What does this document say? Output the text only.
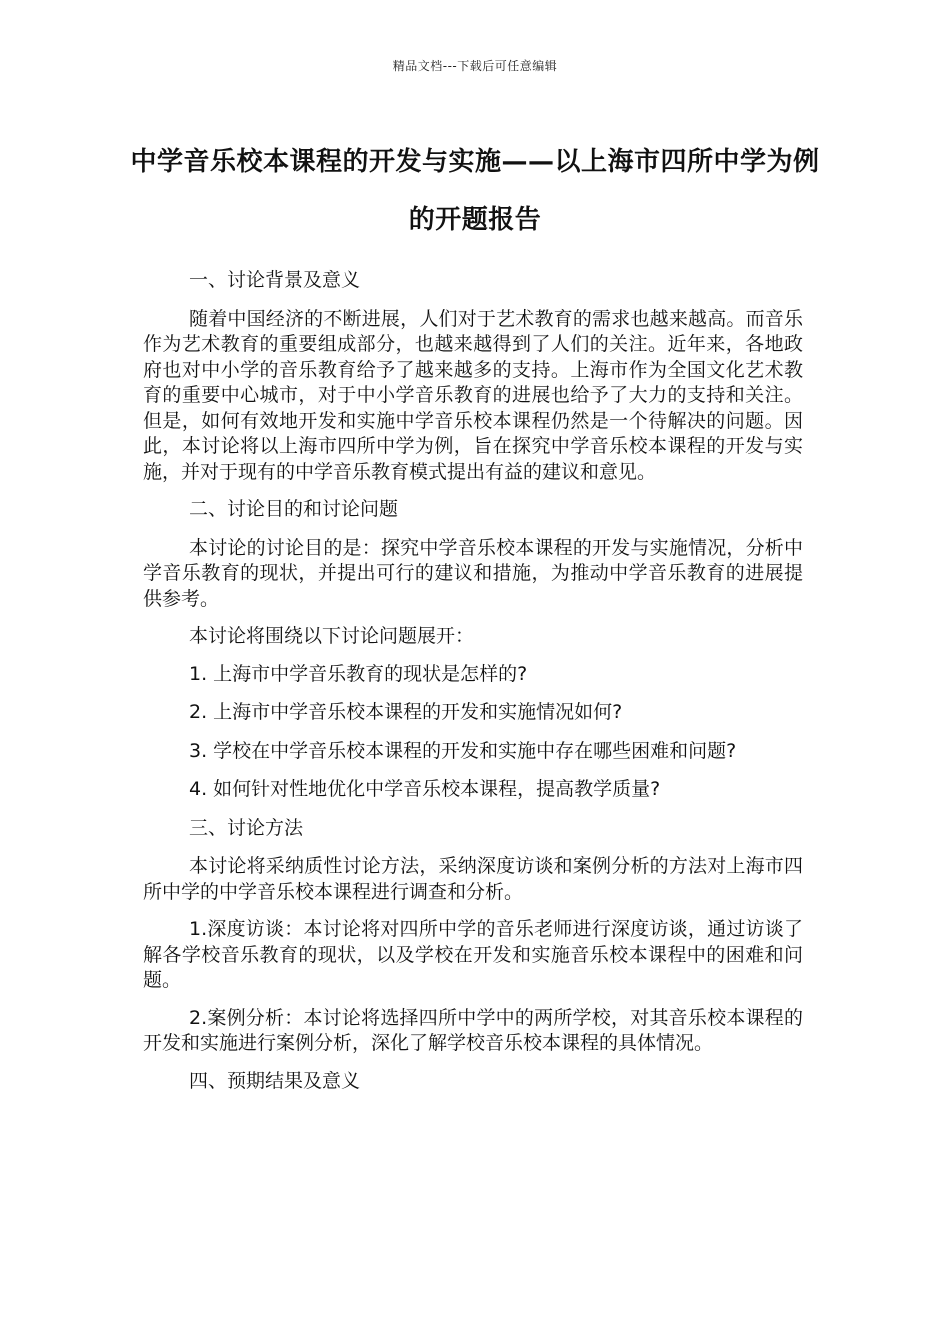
精品文档---下载后可任意编辑
中学音乐校本课程的开发与实施——以上海市四所中学为例的开题报告

一、讨论背景及意义

随着中国经济的不断进展，人们对于艺术教育的需求也越来越高。而音乐作为艺术教育的重要组成部分，也越来越得到了人们的关注。近年来，各地政府也对中小学的音乐教育给予了越来越多的支持。上海市作为全国文化艺术教育的重要中心城市，对于中小学音乐教育的进展也给予了大力的支持和关注。但是，如何有效地开发和实施中学音乐校本课程仍然是一个待解决的问题。因此，本讨论将以上海市四所中学为例，旨在探究中学音乐校本课程的开发与实施，并对于现有的中学音乐教育模式提出有益的建议和意见。

二、讨论目的和讨论问题

本讨论的讨论目的是：探究中学音乐校本课程的开发与实施情况，分析中学音乐教育的现状，并提出可行的建议和措施，为推动中学音乐教育的进展提供参考。

本讨论将围绕以下讨论问题展开：

1. 上海市中学音乐教育的现状是怎样的?

2. 上海市中学音乐校本课程的开发和实施情况如何?

3. 学校在中学音乐校本课程的开发和实施中存在哪些困难和问题?

4. 如何针对性地优化中学音乐校本课程，提高教学质量?

三、讨论方法

本讨论将采纳质性讨论方法，采纳深度访谈和案例分析的方法对上海市四所中学的中学音乐校本课程进行调查和分析。

1.深度访谈：本讨论将对四所中学的音乐老师进行深度访谈，通过访谈了解各学校音乐教育的现状，以及学校在开发和实施音乐校本课程中的困难和问题。

2.案例分析：本讨论将选择四所中学中的两所学校，对其音乐校本课程的开发和实施进行案例分析，深化了解学校音乐校本课程的具体情况。

四、预期结果及意义
